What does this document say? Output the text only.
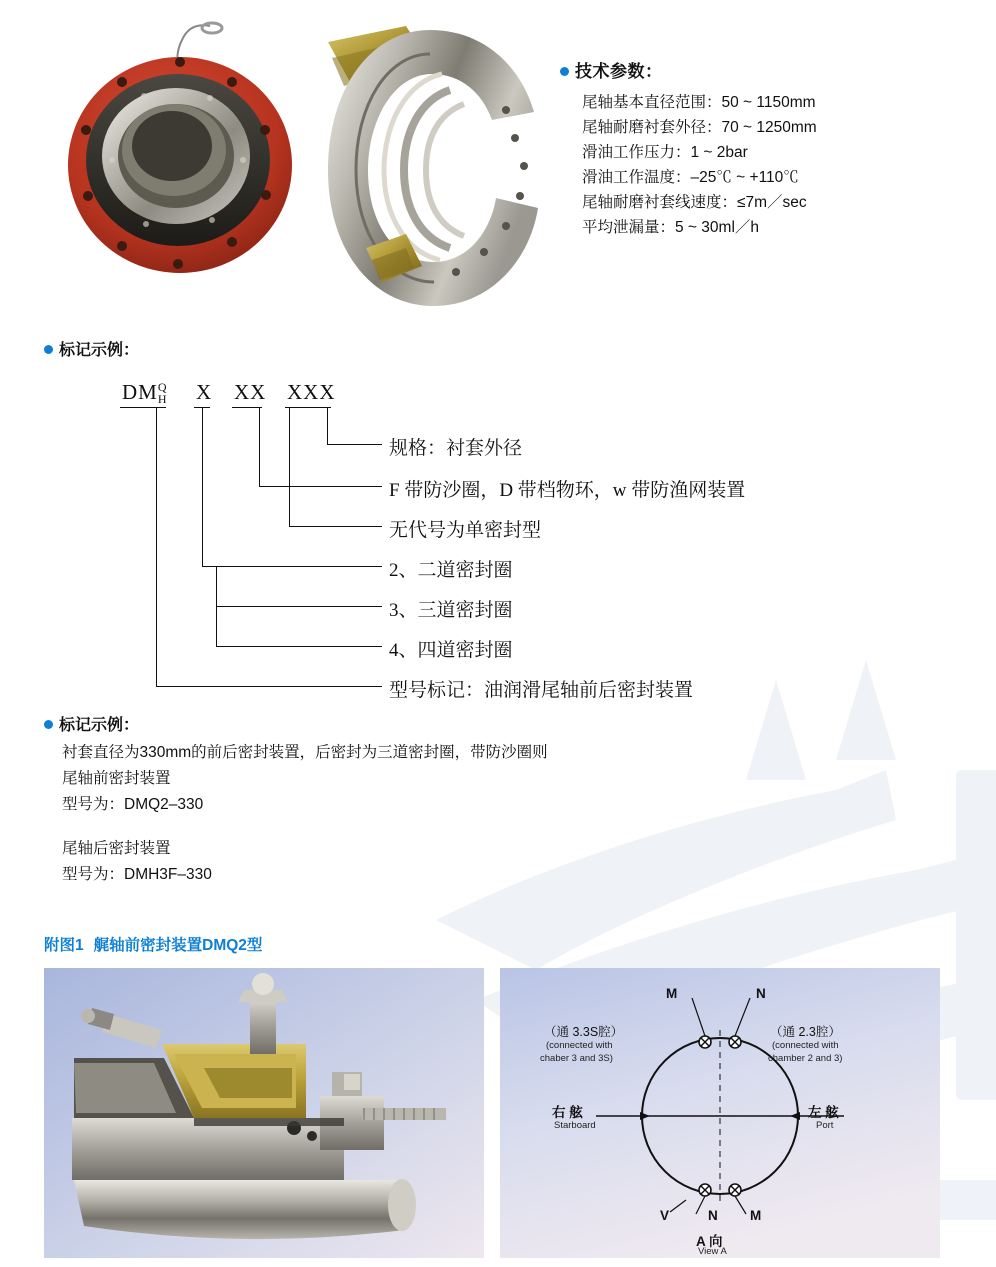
技术参数：
尾轴基本直径范围：50 ~ 1150mm
尾轴耐磨衬套外径：70 ~ 1250mm
滑油工作压力：1 ~ 2bar
滑油工作温度：–25℃ ~ +110℃
尾轴耐磨衬套线速度：≤7m／sec
平均泄漏量：5 ~ 30ml／h
标记示例：
DM Q
H X XX XXX
规格：衬套外径
F 带防沙圈，D 带档物环，w 带防渔网装置
无代号为单密封型
2、二道密封圈
3、三道密封圈
4、四道密封圈
型号标记：油润滑尾轴前后密封装置
标记示例：

衬套直径为330mm的前后密封装置，后密封为三道密封圈，带防沙圈则

尾轴前密封装置

型号为：DMQ2–330

尾轴后密封装置

型号为：DMH3F–330

附图1 艉轴前密封装置DMQ2型
M	N
（通 3.3S腔）
(connected with
chaber 3 and 3S)
（通 2.3腔）
(connected with
chamber 2 and 3)
右 舷
Starboard
左 舷
Port
V	N M
A 向
View A
